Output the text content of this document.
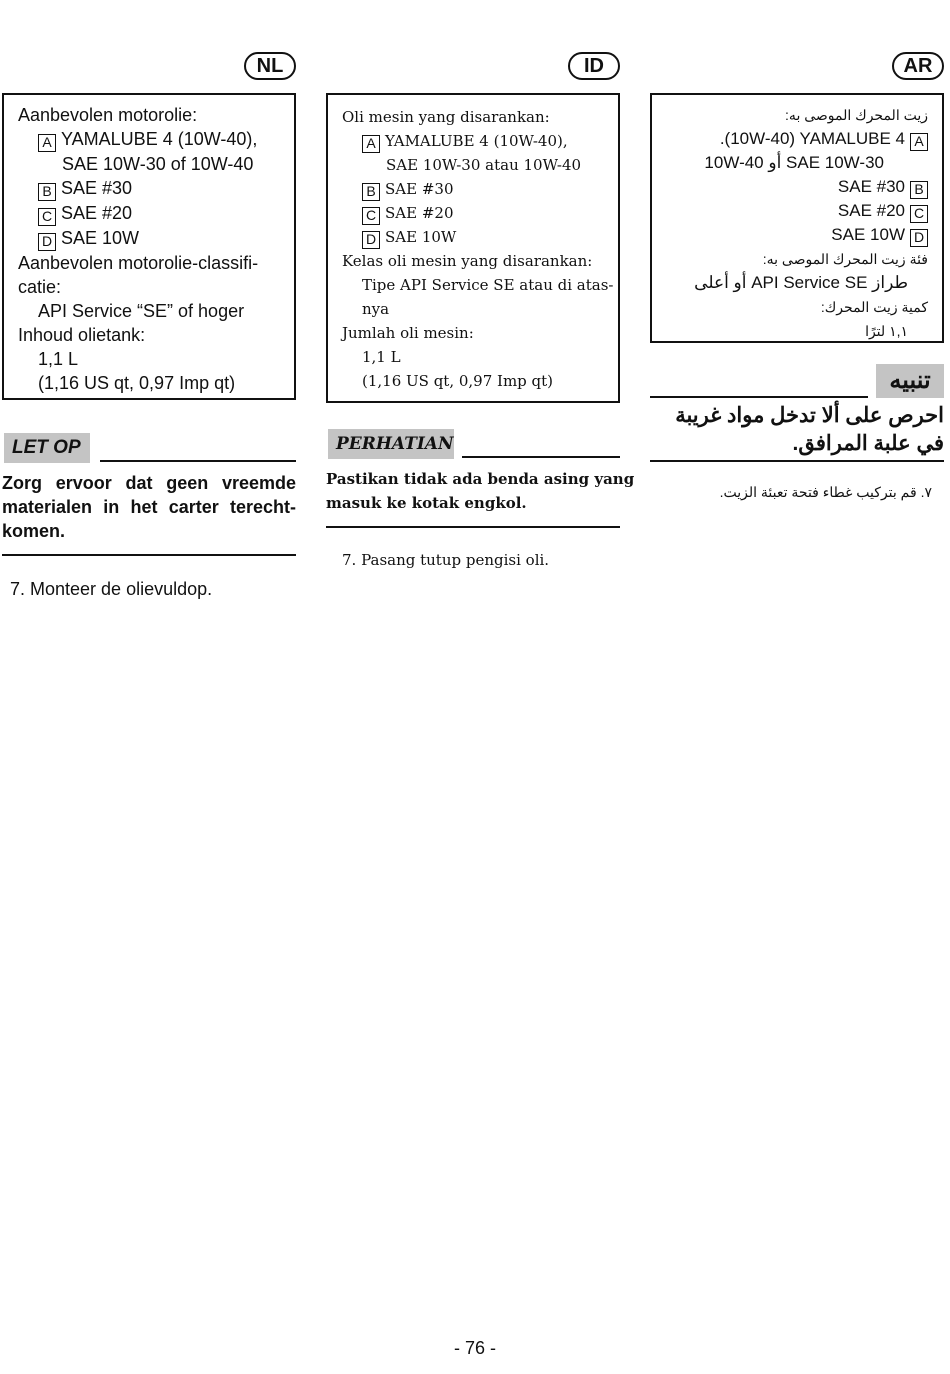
NL
Aanbevolen motorolie:
A YAMALUBE 4 (10W-40),
SAE 10W-30 of 10W-40
B SAE #30
C SAE #20
D SAE 10W
Aanbevolen motorolie-classifi-
catie:
API Service “SE” of hoger
Inhoud olietank:
1,1 L
(1,16 US qt, 0,97 Imp qt)
LET OP
Zorg ervoor dat geen vreemde materialen in het carter terecht-komen.
7. Monteer de olievuldop.
ID
Oli mesin yang disarankan:
A YAMALUBE 4 (10W-40),
SAE 10W-30 atau 10W-40
B SAE #30
C SAE #20
D SAE 10W
Kelas oli mesin yang disarankan:
Tipe API Service SE atau di atas-
nya
Jumlah oli mesin:
1,1 L
(1,16 US qt, 0,97 Imp qt)
PERHATIAN
Pastikan tidak ada benda asing yang
masuk ke kotak engkol.
7. Pasang tutup pengisi oli.
AR
زيت المحرك الموصى به:
A.(10W-40) YAMALUBE 4
SAE 10W-30 أو 10W-40
BSAE #30
CSAE #20
DSAE 10W
فئة زيت المحرك الموصى به:
طراز API Service SE أو أعلى
كمية زيت المحرك:
١,١ لترًا
تنبيه
احرص على ألا تدخل مواد غريبة في علبة المرافق.
٧. قم بتركيب غطاء فتحة تعبئة الزيت.
- 76 -
